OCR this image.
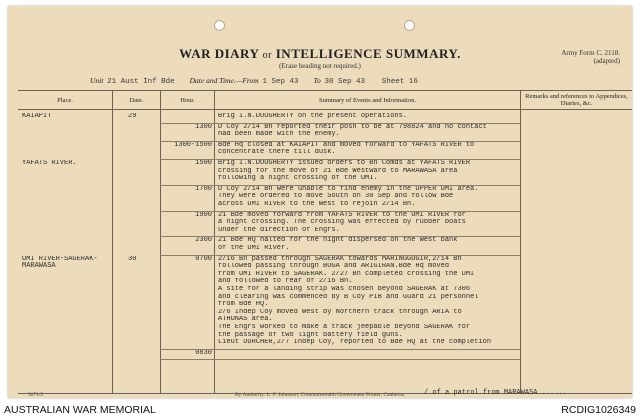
WAR DIARY or INTELLIGENCE SUMMARY.
(Erase heading not required.)
Army Form C. 2118.
(adapted)
Unit 21 Aust Inf Bde Date and Time.—From 1 Sep 43 To 30 Sep 43 Sheet 16
Place.	Date.	Hour.	Summary of Events and Information.	Remarks and references to Appendices, Diaries, &c.
KAIAPIT	29	Brig I.N.DOUGHERTY on the present operations.
1300 D Coy 2/14 Bn reported their posn to be at 798824 and no contact
had been made with the enemy.
1300-1500 Bde Hq closed at KAIAPIT and moved forward to YAFATS RIVER to
concentrate there till dusk.
YAFATS RIVER.	1500 Brig I.N.DOUGHERTY issued orders to Bn Comds at YAFATS RIVER
crossing for the move of 21 Bde Westward to MARAWASA area
following a night crossing of the UMI.
1700 D Coy 2/14 Bn were unable to find enemy in the UPPER UMI area.
They were ordered to move South on 30 Sep and follow Bde
across UMI RIVER to the West to rejoin 2/14 Bn.
1900 21 Bde moved forward from YAFATS RIVER to the UMI RIVER for
a night crossing. The crossing was effected by rubber boats
under the direction of Engrs.
2300 21 Bde HQ halted for the night dispersed on the West bank
of the UMI River.
UMI RIVER-SAGERAK-MARAWASA
30	0700 2/16 Bn passed through SAGERAK towards MARINGGUGIR,2/14 Bn
followed passing through BOGA and ARIGIRAN.Bde Hq moved
from UMI RIVER to SAGERAK. 2/27 Bn completed crossing the UMI
and followed to rear of 2/16 Bn.
A site for a landing strip was chosen beyond SAGERAK at 7306
and clearing was commenced by B Coy PIB and Guard 21 personnel
from Bde HQ.
2/6 Indep Coy moved West by Northern track through ARIA to
ATHUNAS area.
The Engrs worked to make a track jeepable beyond SAGERAK for
the passage of two light battery field guns.
Lieut DURCHER,2/7 Indep Coy, reported to Bde HQ at the completion
0830
5671/2	By Authority: L. F. Johnston, Commonwealth Government Printer, Canberra.	/ of a patrol from MARAWASA ......
AUSTRALIAN WAR MEMORIAL	RCDIG1026349
